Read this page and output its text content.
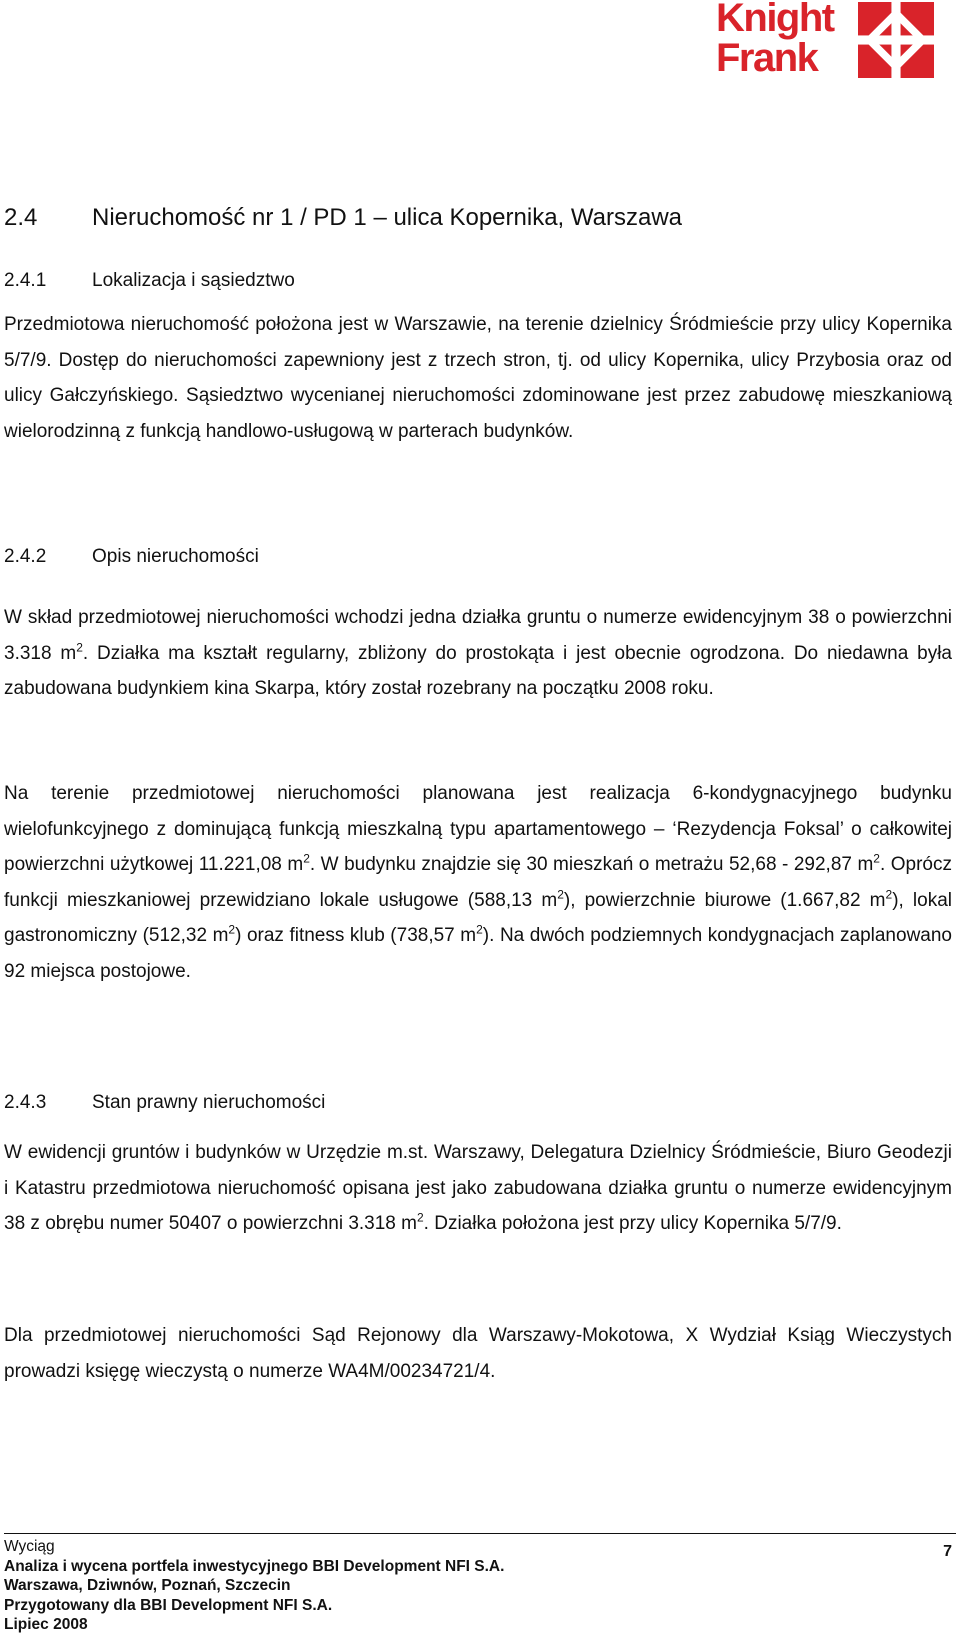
Knight
Frank
2.4 Nieruchomość nr 1 / PD 1 – ulica Kopernika, Warszawa
2.4.1 Lokalizacja i sąsiedztwo
Przedmiotowa nieruchomość położona jest w Warszawie, na terenie dzielnicy Śródmieście przy ulicy Kopernika 5/7/9. Dostęp do nieruchomości zapewniony jest z trzech stron, tj. od ulicy Kopernika, ulicy Przybosia oraz od ulicy Gałczyńskiego. Sąsiedztwo wycenianej nieruchomości zdominowane jest przez zabudowę mieszkaniową wielorodzinną z funkcją handlowo-usługową w parterach budynków.
2.4.2 Opis nieruchomości
W skład przedmiotowej nieruchomości wchodzi jedna działka gruntu o numerze ewidencyjnym 38 o powierzchni 3.318 $m^2$. Działka ma kształt regularny, zbliżony do prostokąta i jest obecnie ogrodzona. Do niedawna była zabudowana budynkiem kina Skarpa, który został rozebrany na początku 2008 roku.
Na terenie przedmiotowej nieruchomości planowana jest realizacja 6-kondygnacyjnego budynku wielofunkcyjnego z dominującą funkcją mieszkalną typu apartamentowego – ‘Rezydencja Foksal’ o całkowitej powierzchni użytkowej 11.221,08 $m^2$. W budynku znajdzie się 30 mieszkań o metrażu 52,68 - 292,87 $m^2$. Oprócz funkcji mieszkaniowej przewidziano lokale usługowe (588,13 $m^2$), powierzchnie biurowe (1.667,82 $m^2$), lokal gastronomiczny (512,32 $m^2$) oraz fitness klub (738,57 $m^2$). Na dwóch podziemnych kondygnacjach zaplanowano 92 miejsca postojowe.
2.4.3 Stan prawny nieruchomości
W ewidencji gruntów i budynków w Urzędzie m.st. Warszawy, Delegatura Dzielnicy Śródmieście, Biuro Geodezji i Katastru przedmiotowa nieruchomość opisana jest jako zabudowana działka gruntu o numerze ewidencyjnym 38 z obrębu numer 50407 o powierzchni 3.318 $m^2$. Działka położona jest przy ulicy Kopernika 5/7/9.
Dla przedmiotowej nieruchomości Sąd Rejonowy dla Warszawy-Mokotowa, X Wydział Ksiąg Wieczystych prowadzi księgę wieczystą o numerze WA4M/00234721/4.
Wyciąg
Analiza i wycena portfela inwestycyjnego BBI Development NFI S.A.
Warszawa, Dziwnów, Poznań, Szczecin
Przygotowany dla BBI Development NFI S.A.
Lipiec 2008
7
